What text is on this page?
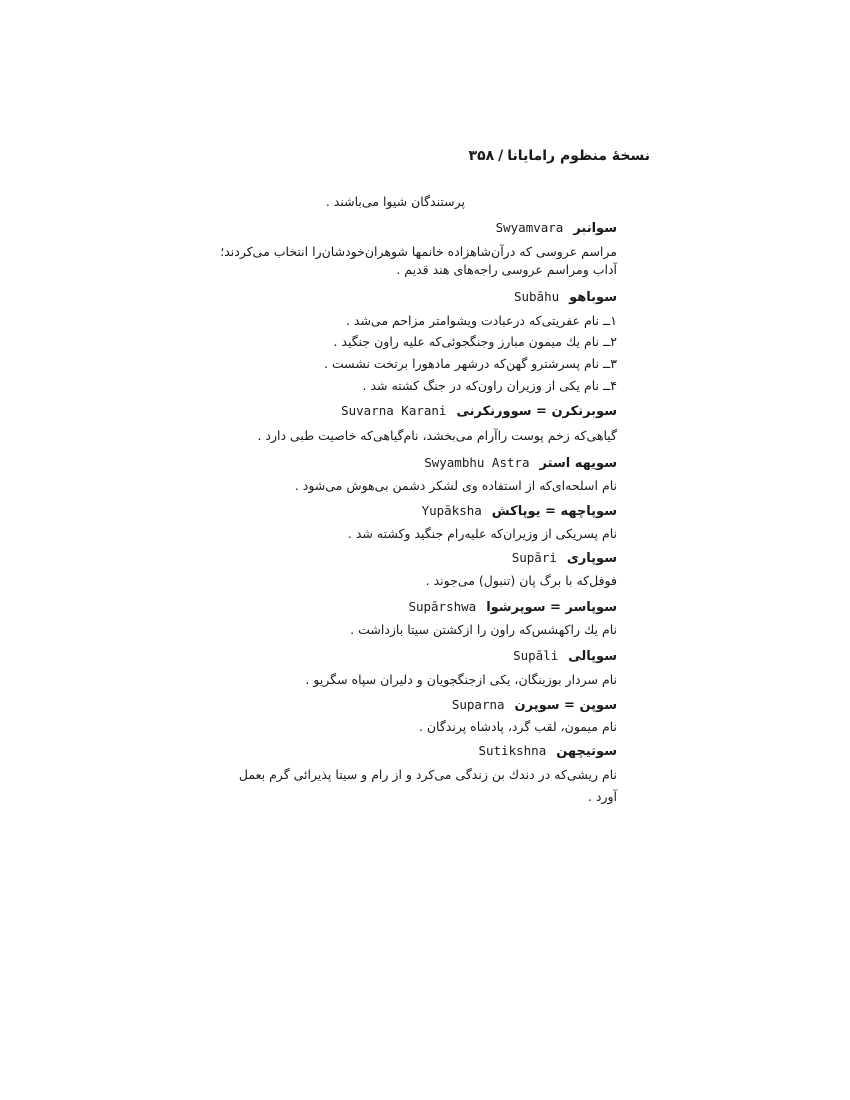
نسخهٔ منظوم رامایانا/۳۵۸
پرستندگان شیوا می‌باشند .
سوانبرSwyamvara
مراسم عروسی که درآن‌شاهزاده خانمها شوهران‌خودشان‌را انتخاب می‌کردند؛
آداب ومراسم عروسی راجه‌های هند قدیم .
سوباهوSubāhu
۱ــ نام عفریتی‌که درعبادت ویشوامتر مزاحم می‌شد .
۲ــ نام یك میمون مبارز وجنگجوئی‌که علیه راون جنگید .
۳ــ نام پسرشترو گهن‌که درشهر مادهورا برتخت نشست .
۴ــ نام یکی از وزیران راون‌که در جنگ کشته شد .
سوبرنکرن = سوورنکرنیSuvarna Karani
گیاهی‌که زخم پوست راآرام می‌بخشد، نام‌گیاهی‌که خاصیت طبی دارد .
سویهه استرSwyambhu Astra
نام اسلحه‌ای‌که از استفاده وی لشکر دشمن بی‌هوش می‌شود .
سوپاچهه = یوپاکشYupāksha
نام پسریکی از وزیران‌که علیه‌رام جنگید وکشته شد .
سوپاریSupāri
فوفل‌که با برگ پان (تنبول) می‌جوند .
سوپاسر = سوپرشواSupārshwa
نام یك راکهشس‌که راون را ازکشتن سیتا بازداشت .
سوپالیSupāli
نام سردار بوزینگان، یکی ازجنگجویان و دلیران سپاه سگریو .
سوپن = سوپرنSuparna
نام میمون، لقب گرد، پادشاه پرندگان .
سوتیچهنSutikshna
نام ریشی‌که در دندك بن زندگی می‌کرد و از رام و سیتا پذیرائی گرم بعمل
آورد .
